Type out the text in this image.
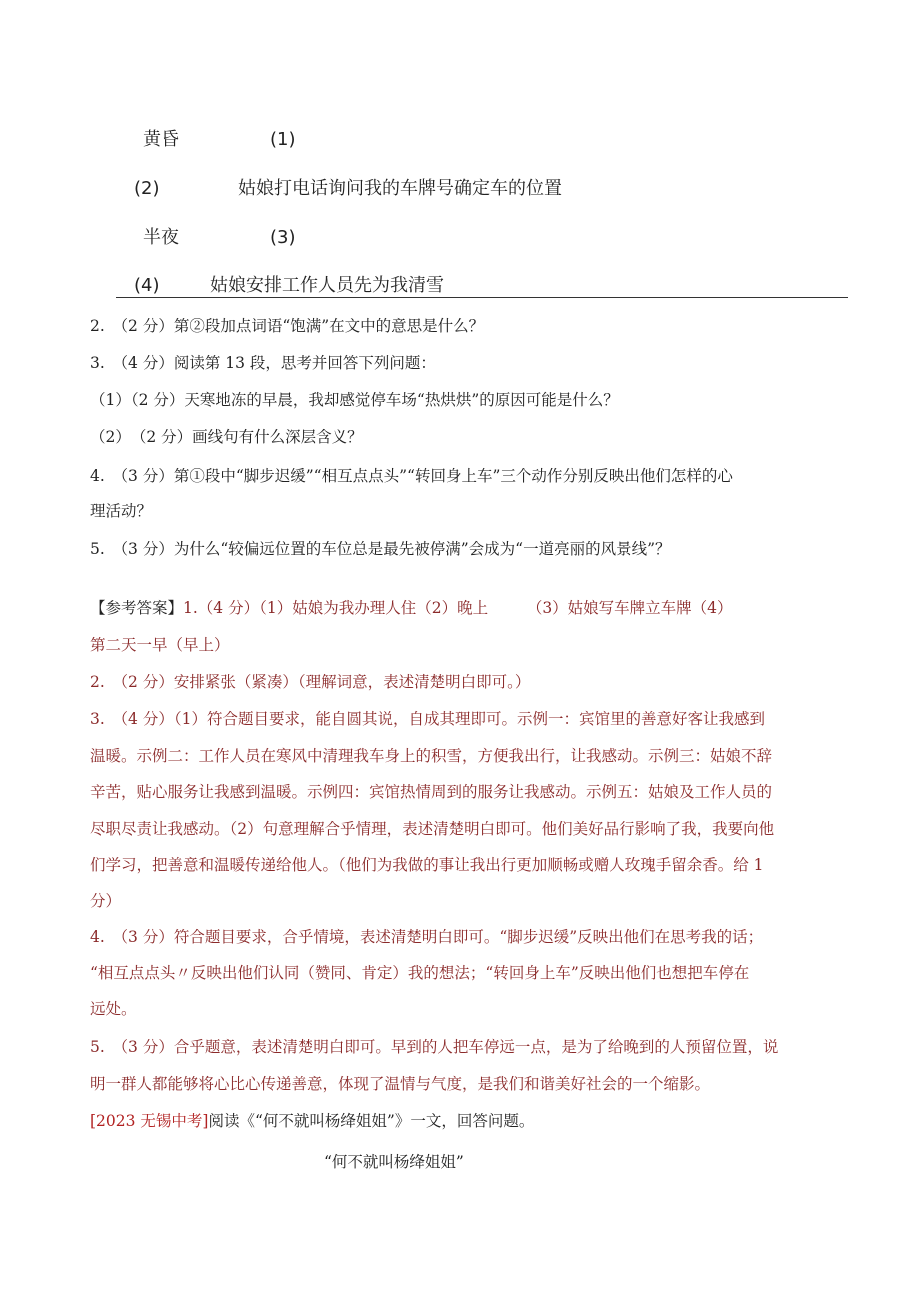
黄昏	(1)
(2)	姑娘打电话询问我的车牌号确定车的位置
半夜	(3)
(4)	姑娘安排工作人员先为我清雪
2.　（2 分）第②段加点词语“饱满”在文中的意思是什么？
3.　（4 分）阅读第 13 段，思考并回答下列问题：
（1）（2 分）天寒地冻的早晨，我却感觉停车场“热烘烘”的原因可能是什么？
（2）　（2 分）画线句有什么深层含义？
4.　（3 分）第①段中“脚步迟缓”“相互点点头”“转回身上车”三个动作分别反映出他们怎样的心
理活动？
5.　（3 分）为什么“较偏远位置的车位总是最先被停满”会成为“一道亮丽的风景线”？
【参考答案】1.（4 分）（1）姑娘为我办理人住（2）晚上　　　（3）姑娘写车牌立车牌（4）
第二天一早（早上）
2.　（2 分）安排紧张（紧凑）（理解词意，表述清楚明白即可。）
3.　（4 分）（1）符合题目要求，能自圆其说，自成其理即可。示例一：宾馆里的善意好客让我感到
温暖。示例二：工作人员在寒风中清理我车身上的积雪，方便我出行，让我感动。示例三：姑娘不辞
辛苦，贴心服务让我感到温暖。示例四：宾馆热情周到的服务让我感动。示例五：姑娘及工作人员的
尽职尽责让我感动。（2）句意理解合乎情理，表述清楚明白即可。他们美好品行影响了我，我要向他
们学习，把善意和温暖传递给他人。（他们为我做的事让我出行更加顺畅或赠人玫瑰手留余香。给 1
分）
4.　（3 分）符合题目要求，合乎情境，表述清楚明白即可。“脚步迟缓”反映出他们在思考我的话；
“相互点点头〃反映出他们认同（赞同、肯定）我的想法；“转回身上车”反映出他们也想把车停在
远处。
5.　（3 分）合乎题意，表述清楚明白即可。早到的人把车停远一点，是为了给晚到的人预留位置，说
明一群人都能够将心比心传递善意，体现了温情与气度，是我们和谐美好社会的一个缩影。
[2023 无锡中考]阅读《“何不就叫杨绛姐姐”》一文，回答问题。
“何不就叫杨绛姐姐”
